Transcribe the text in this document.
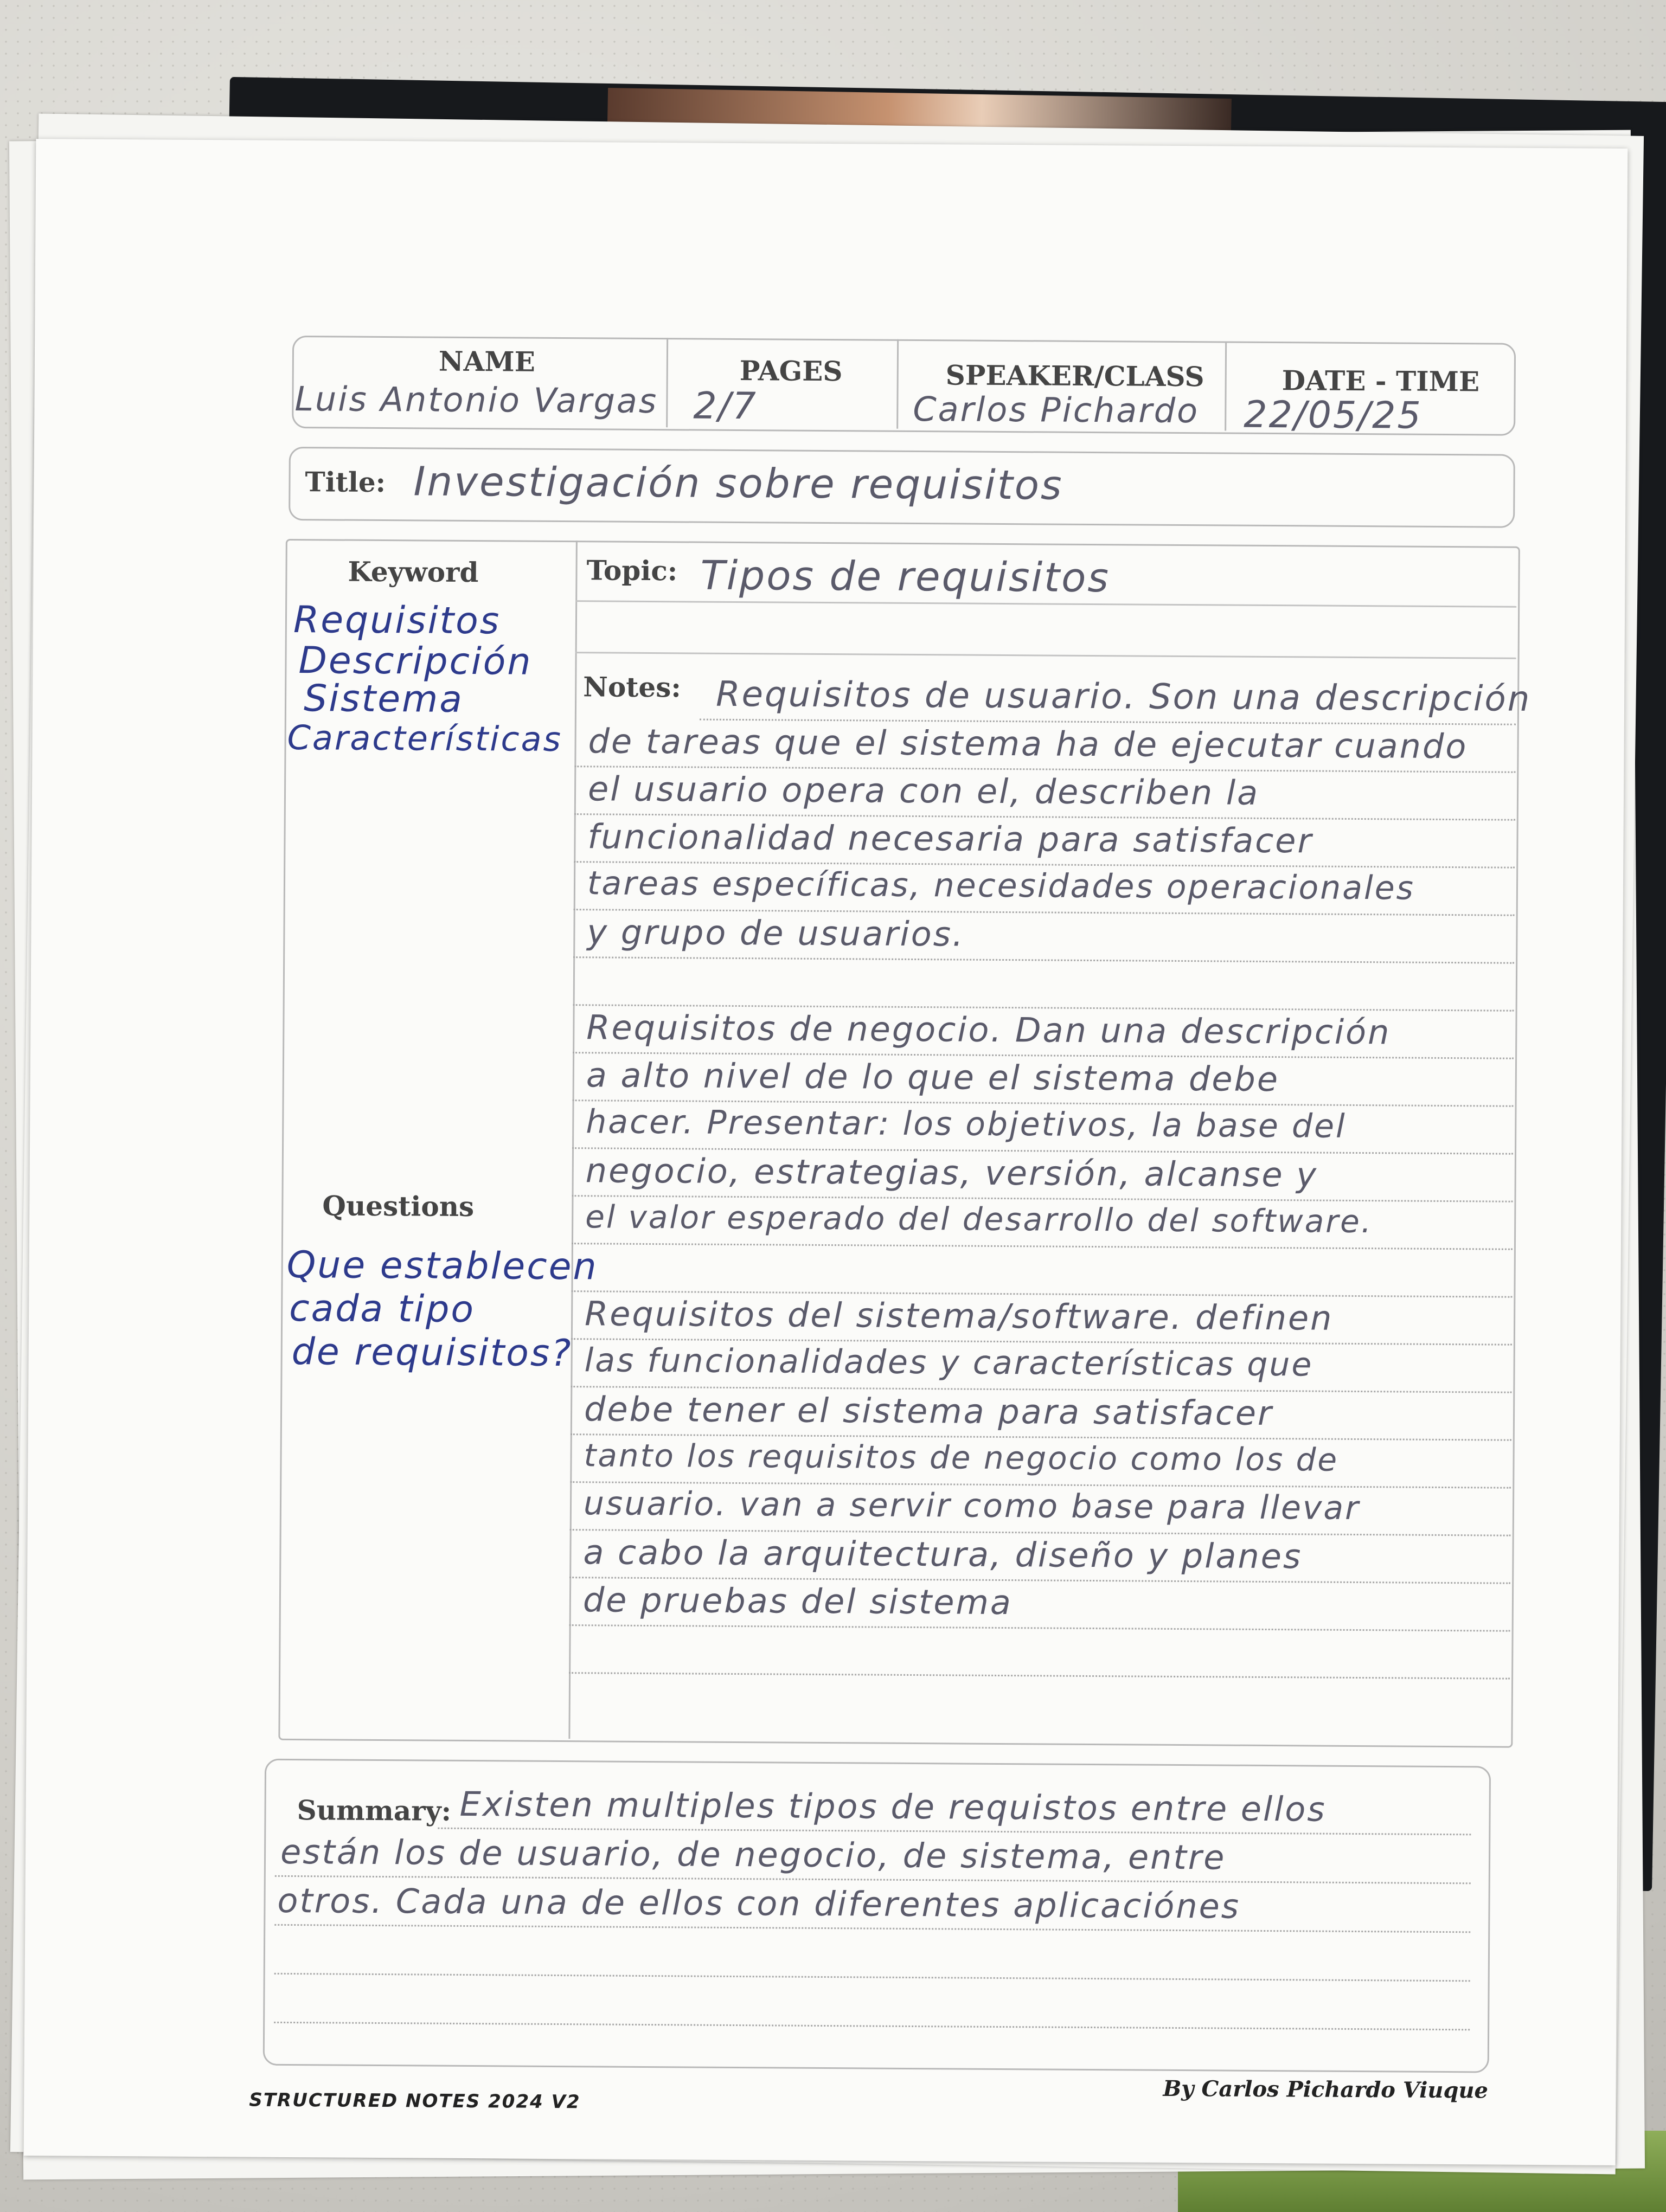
NAME	PAGES	SPEAKER/CLASS	DATE - TIME
Luis Antonio Vargas 2/7	Carlos Pichardo 22/05/25
Title: Investigación sobre requisitos
Keyword
Requisitos
Descripción
Sistema
Características
Questions
Que establecen
cada tipo
de requisitos?
Topic: Tipos de requisitos
Notes: Requisitos de usuario. Son una descripción
de tareas que el sistema ha de ejecutar cuando
el usuario opera con el, describen la
funcionalidad necesaria para satisfacer
tareas específicas, necesidades operacionales
y grupo de usuarios.
Requisitos de negocio. Dan una descripción
a alto nivel de lo que el sistema debe
hacer. Presentar: los objetivos, la base del
negocio, estrategias, versión, alcanse y
el valor esperado del desarrollo del software.
Requisitos del sistema/software. definen
las funcionalidades y características que
debe tener el sistema para satisfacer
tanto los requisitos de negocio como los de
usuario. van a servir como base para llevar
a cabo la arquitectura, diseño y planes
de pruebas del sistema
Summary: Existen multiples tipos de requistos entre ellos
están los de usuario, de negocio, de sistema, entre
otros. Cada una de ellos con diferentes aplicaciónes
STRUCTURED NOTES 2024 V2	By Carlos Pichardo Viuque
